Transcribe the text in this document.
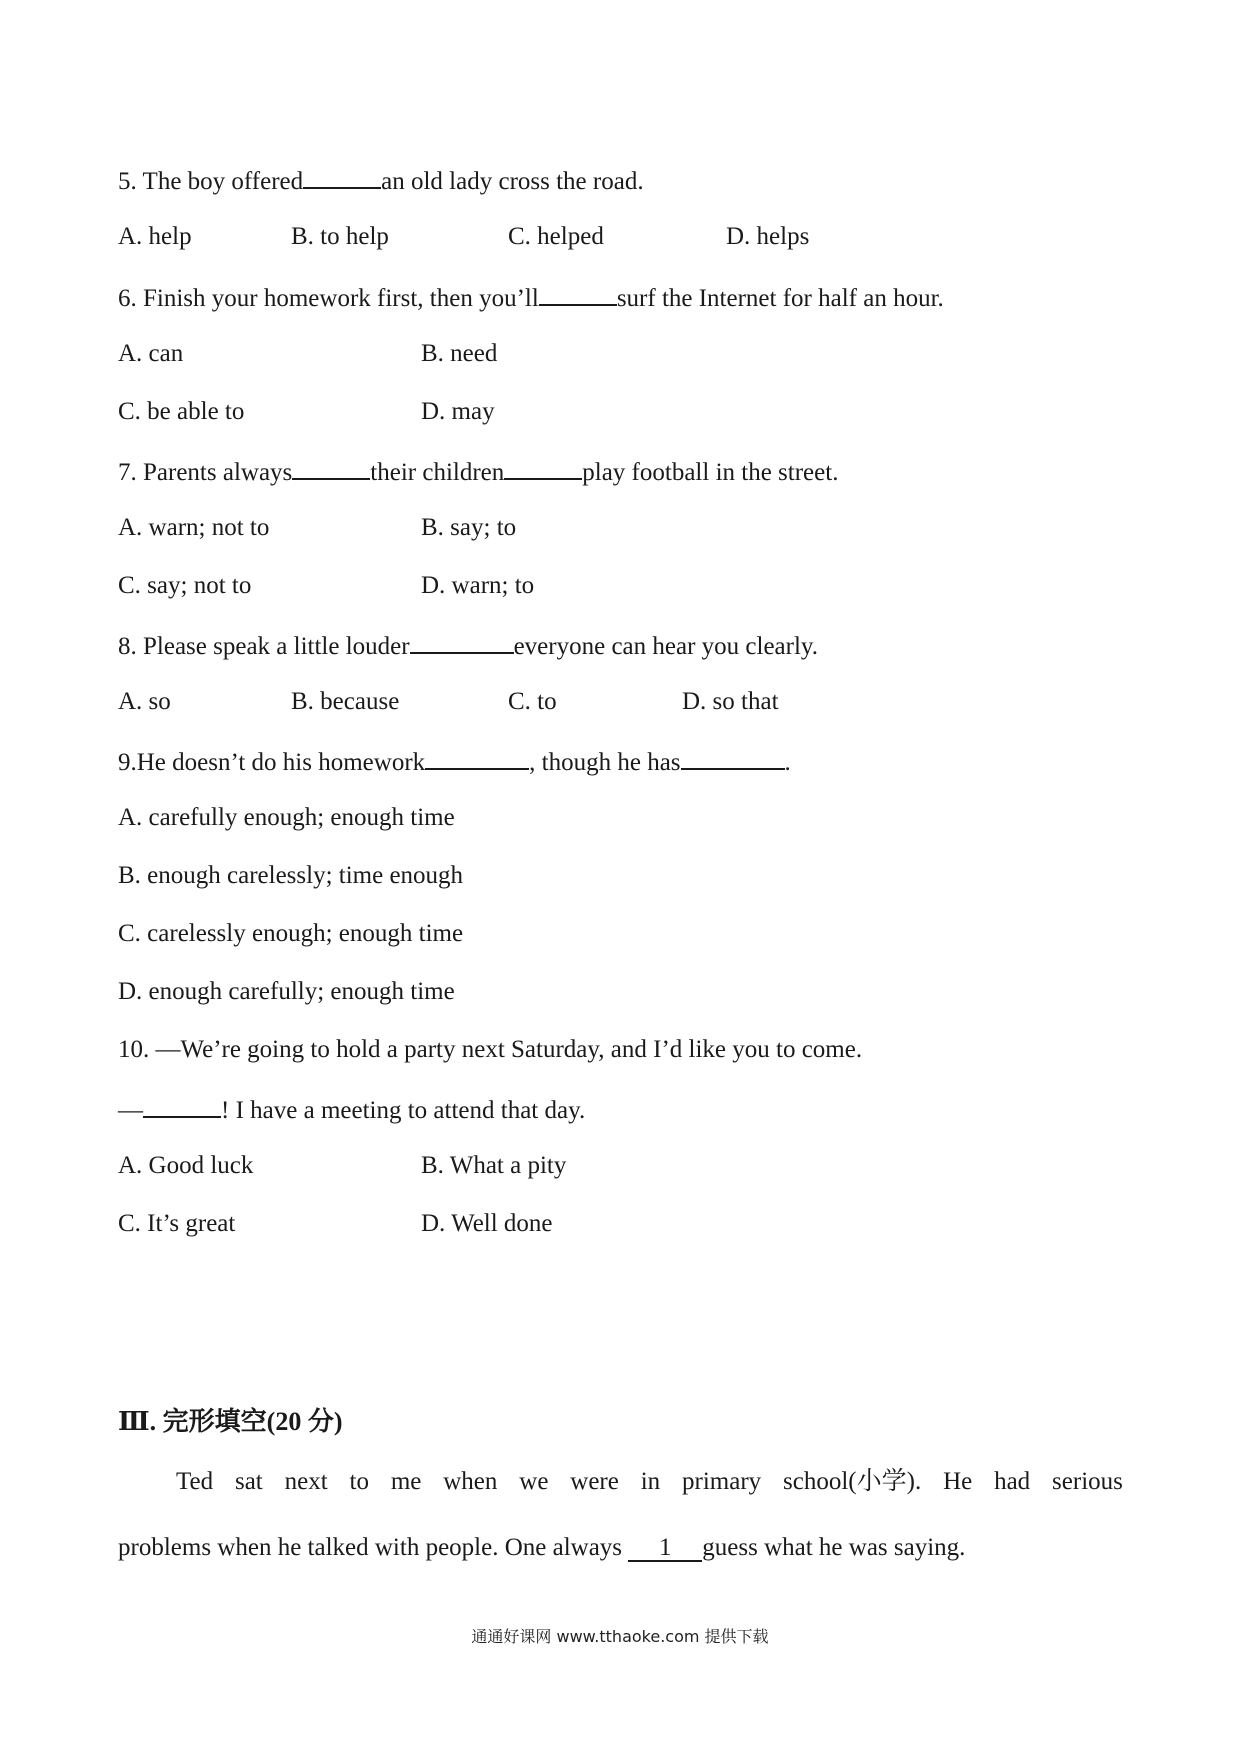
5. The boy offered	an old lady cross the road.
A. help	B. to help	C. helped	D. helps
6. Finish your homework first, then you’ll	surf the Internet for half an hour.
A. can	B. need
C. be able to	D. may
7. Parents always	their children	play football in the street.
A. warn; not to	B. say; to
C. say; not to	D. warn; to
8. Please speak a little louder	everyone can hear you clearly.
A. so	B. because	C. to	D. so that
9.He doesn’t do his homework	, though he has	.
A. carefully enough; enough time
B. enough carelessly; time enough
C. carelessly enough; enough time
D. enough carefully; enough time
10. —We’re going to hold a party next Saturday, and I’d like you to come.
—	! I have a meeting to attend that day.
A. Good luck	B. What a pity
C. It’s great	D. Well done
Ⅲ. 完形填空(20 分)
Ted sat next to me when we were in primary school(小学). He had serious
problems when he talked with people. One always 1 guess what he was saying.
通通好课网 www.tthaoke.com 提供下载
